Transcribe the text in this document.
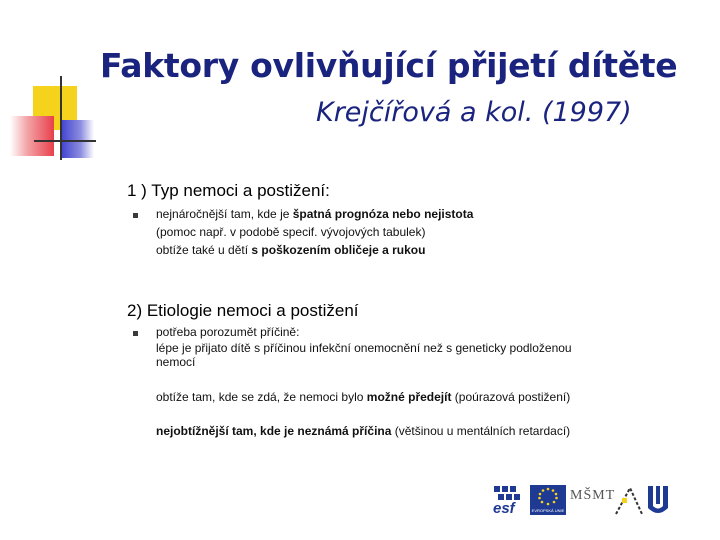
Faktory ovlivňující přijetí dítěte
Krejčířová a kol. (1997)
1 ) Typ nemoci a postižení:
nejnáročnější tam, kde je špatná prognóza nebo nejistota
(pomoc např. v podobě specif. vývojových tabulek)
obtíže také u dětí s poškozením obličeje a rukou
2) Etiologie nemoci a postižení
potřeba porozumět příčině:
lépe je přijato dítě s příčinou infekční onemocnění než s geneticky podloženou
nemocí
obtíže tam, kde se zdá, že nemoci bylo možné předejít (poúrazová postižení)
nejobtížnější tam, kde je neznámá příčina (většinou u mentálních retardací)
esf	EVROPSKÁ UNIE
MŠMT
